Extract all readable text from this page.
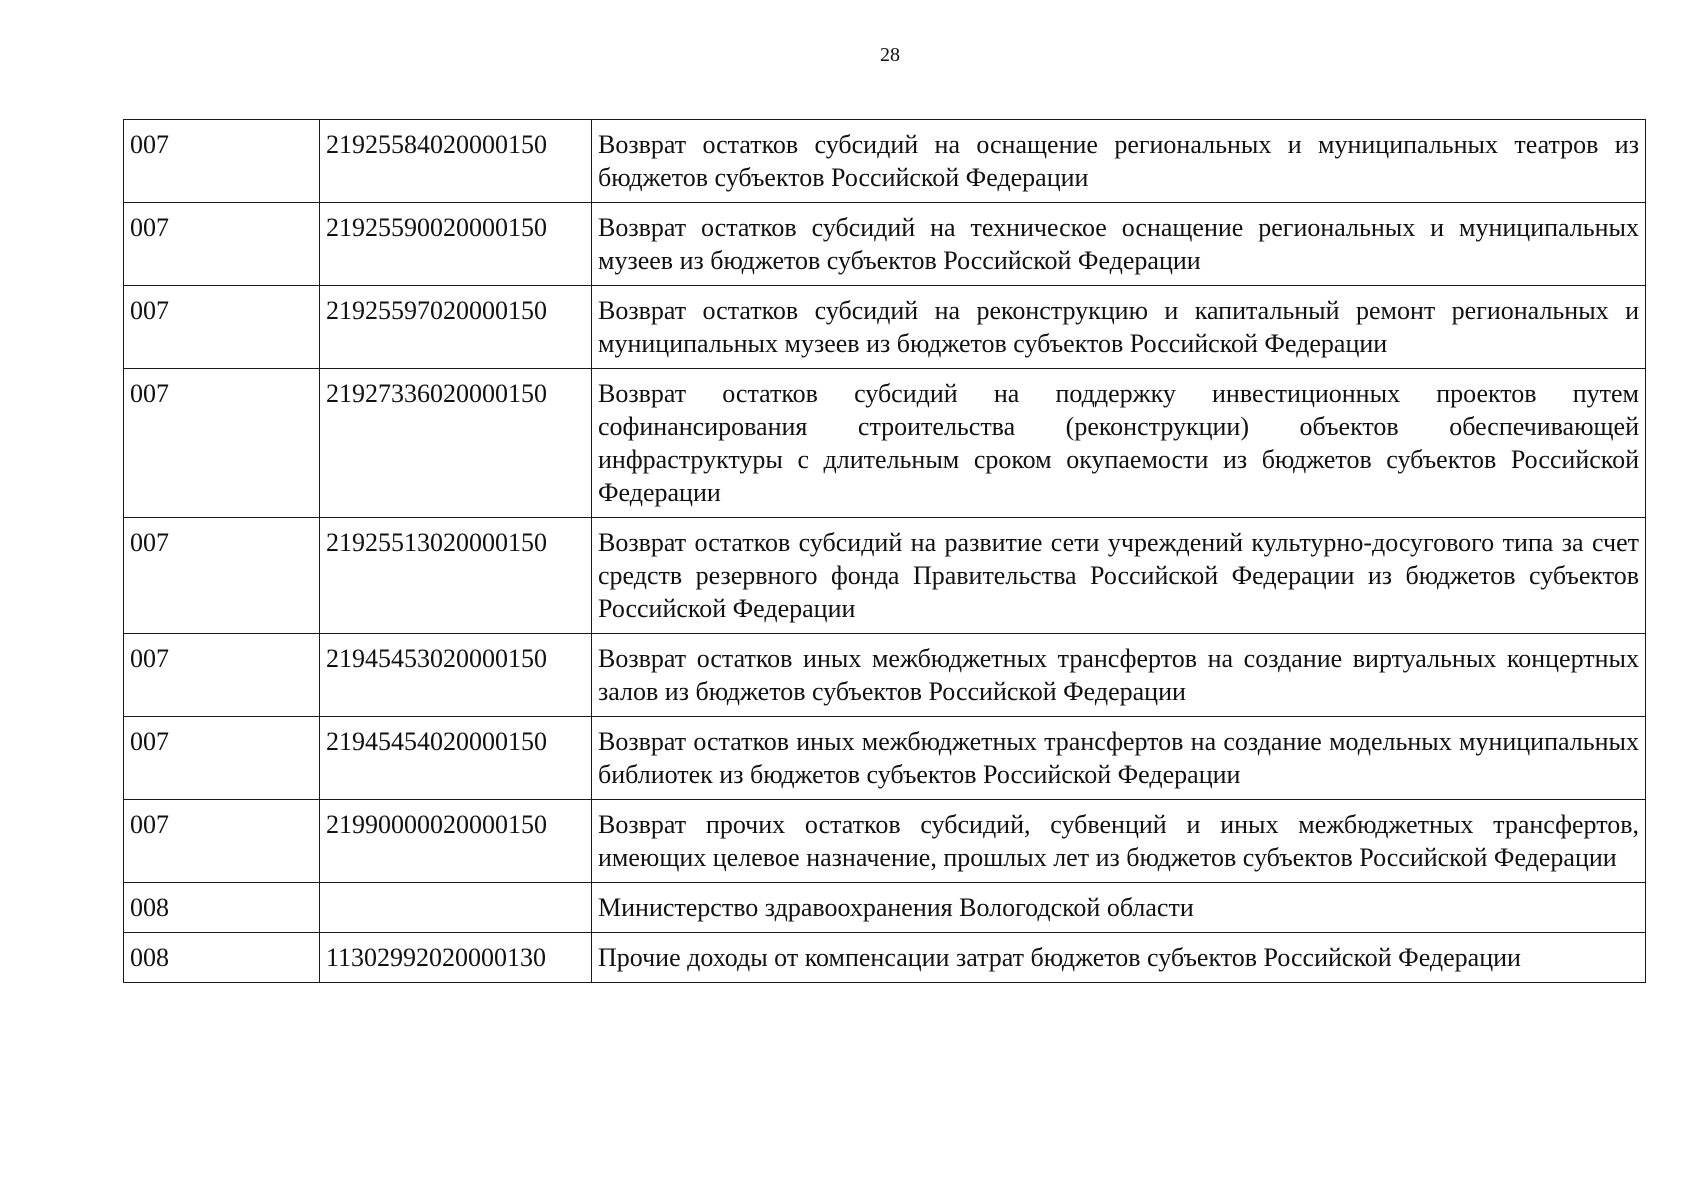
28
007	21925584020000150	Возврат остатков субсидий на оснащение региональных и муниципальных театров из бюджетов субъектов Российской Федерации
007	21925590020000150	Возврат остатков субсидий на техническое оснащение региональных и муниципальных музеев из бюджетов субъектов Российской Федерации
007	21925597020000150	Возврат остатков субсидий на реконструкцию и капитальный ремонт региональных и муниципальных музеев из бюджетов субъектов Российской Федерации
007	21927336020000150	Возврат остатков субсидий на поддержку инвестиционных проектов путем софинансирования строительства (реконструкции) объектов обеспечивающей инфраструктуры с длительным сроком окупаемости из бюджетов субъектов Российской Федерации
007	21925513020000150	Возврат остатков субсидий на развитие сети учреждений культурно-досугового типа за счет средств резервного фонда Правительства Российской Федерации из бюджетов субъектов Российской Федерации
007	21945453020000150	Возврат остатков иных межбюджетных трансфертов на создание виртуальных концертных залов из бюджетов субъектов Российской Федерации
007	21945454020000150	Возврат остатков иных межбюджетных трансфертов на создание модельных муниципальных библиотек из бюджетов субъектов Российской Федерации
007	21990000020000150	Возврат прочих остатков субсидий, субвенций и иных межбюджетных трансфертов, имеющих целевое назначение, прошлых лет из бюджетов субъектов Российской Федерации
008		Министерство здравоохранения Вологодской области
008	11302992020000130	Прочие доходы от компенсации затрат бюджетов субъектов Российской Федерации
